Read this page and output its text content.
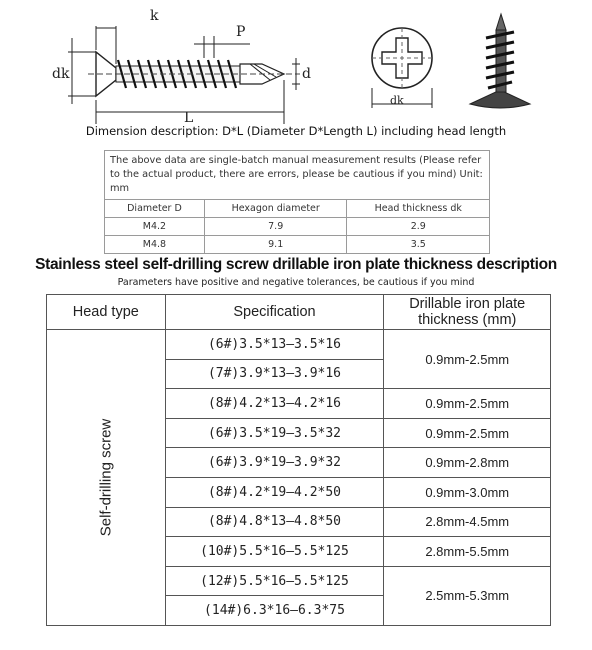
k
P
dk	d
L
dk
Dimension description: D*L (Diameter D*Length L) including head length
The above data are single-batch manual measurement results (Please refer to the actual product, there are errors, please be cautious if you mind) Unit: mm		
Diameter D	Hexagon diameter	Head thickness dk
M4.2	7.9	2.9
M4.8	9.1	3.5
Stainless steel self-drilling screw drillable iron plate thickness description
Parameters have positive and negative tolerances, be cautious if you mind
Head type	Specification	Drillable iron plate thickness (mm)
Self-drilling screw	(6#)3.5*13—3.5*16	0.9mm-2.5mm
	(7#)3.9*13—3.9*16	
	(8#)4.2*13—4.2*16	0.9mm-2.5mm
	(6#)3.5*19—3.5*32	0.9mm-2.5mm
	(6#)3.9*19—3.9*32	0.9mm-2.8mm
	(8#)4.2*19—4.2*50	0.9mm-3.0mm
	(8#)4.8*13—4.8*50	2.8mm-4.5mm
	(10#)5.5*16—5.5*125	2.8mm-5.5mm
	(12#)5.5*16—5.5*125	2.5mm-5.3mm
	(14#)6.3*16—6.3*75	
